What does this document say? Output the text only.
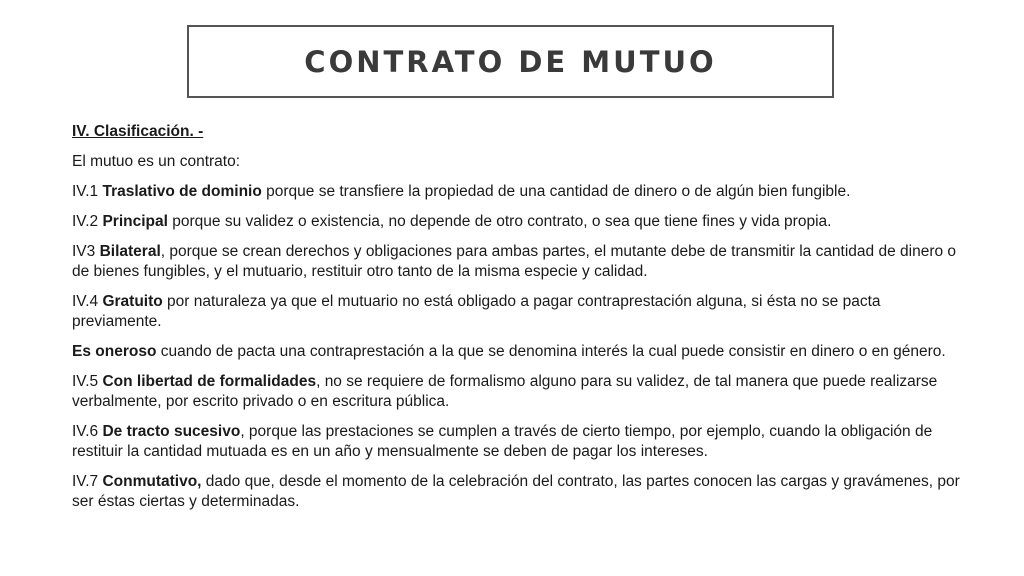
CONTRATO DE MUTUO

IV. Clasificación. -

El mutuo es un contrato:

IV.1 Traslativo de dominio porque se transfiere la propiedad de una cantidad de dinero o de algún bien fungible.

IV.2 Principal porque su validez o existencia, no depende de otro contrato, o sea que tiene fines y vida propia.

IV3 Bilateral, porque se crean derechos y obligaciones para ambas partes, el mutante debe de transmitir la cantidad de dinero o de bienes fungibles, y el mutuario, restituir otro tanto de la misma especie y calidad.

IV.4 Gratuito por naturaleza ya que el mutuario no está obligado a pagar contraprestación alguna, si ésta no se pacta previamente.

Es oneroso cuando de pacta una contraprestación a la que se denomina interés la cual puede consistir en dinero o en género.

IV.5 Con libertad de formalidades, no se requiere de formalismo alguno para su validez, de tal manera que puede realizarse verbalmente, por escrito privado o en escritura pública.

IV.6 De tracto sucesivo, porque las prestaciones se cumplen a través de cierto tiempo, por ejemplo, cuando la obligación de restituir la cantidad mutuada es en un año y mensualmente se deben de pagar los intereses.

IV.7 Conmutativo, dado que, desde el momento de la celebración del contrato, las partes conocen las cargas y gravámenes, por ser éstas ciertas y determinadas.
